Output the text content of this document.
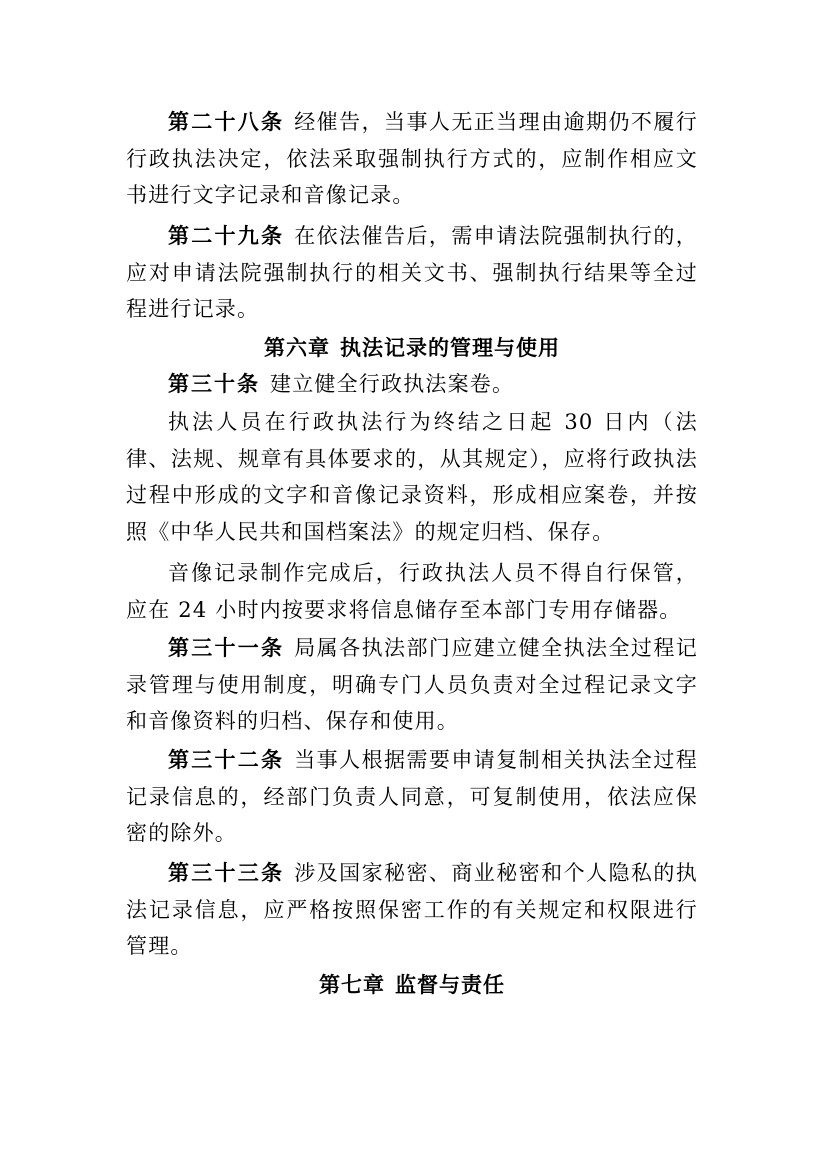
第二十八条 经催告，当事人无正当理由逾期仍不履行行政执法决定，依法采取强制执行方式的，应制作相应文书进行文字记录和音像记录。

第二十九条 在依法催告后，需申请法院强制执行的，应对申请法院强制执行的相关文书、强制执行结果等全过程进行记录。

第六章 执法记录的管理与使用

第三十条 建立健全行政执法案卷。

执法人员在行政执法行为终结之日起 30 日内（法律、法规、规章有具体要求的，从其规定），应将行政执法过程中形成的文字和音像记录资料，形成相应案卷，并按照《中华人民共和国档案法》的规定归档、保存。

音像记录制作完成后，行政执法人员不得自行保管，应在 24 小时内按要求将信息储存至本部门专用存储器。

第三十一条 局属各执法部门应建立健全执法全过程记录管理与使用制度，明确专门人员负责对全过程记录文字和音像资料的归档、保存和使用。

第三十二条 当事人根据需要申请复制相关执法全过程记录信息的，经部门负责人同意，可复制使用，依法应保密的除外。

第三十三条 涉及国家秘密、商业秘密和个人隐私的执法记录信息，应严格按照保密工作的有关规定和权限进行管理。

第七章 监督与责任
